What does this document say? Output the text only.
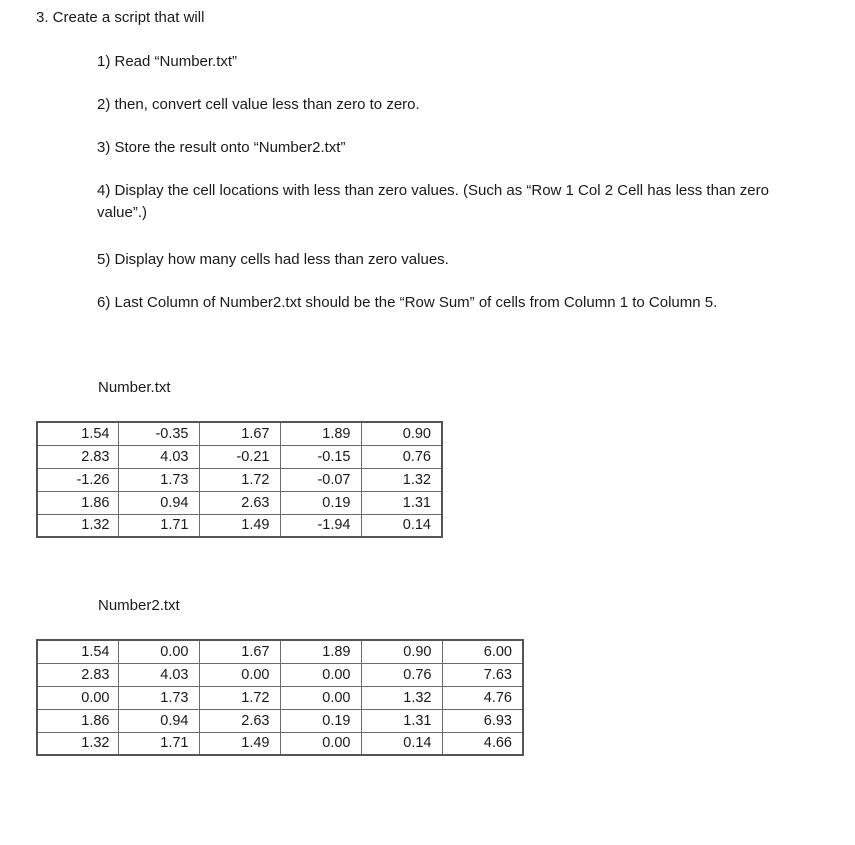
3. Create a script that will
1) Read “Number.txt”
2) then, convert cell value less than zero to zero.
3) Store the result onto “Number2.txt”
4) Display the cell locations with less than zero values. (Such as “Row 1 Col 2 Cell has less than zero value”.)
5) Display how many cells had less than zero values.
6) Last Column of Number2.txt should be the “Row Sum” of cells from Column 1 to Column 5.
Number.txt
1.54	-0.35	1.67	1.89	0.90
2.83	4.03	-0.21	-0.15	0.76
-1.26	1.73	1.72	-0.07	1.32
1.86	0.94	2.63	0.19	1.31
1.32	1.71	1.49	-1.94	0.14
Number2.txt
1.54	0.00	1.67	1.89	0.90	6.00
2.83	4.03	0.00	0.00	0.76	7.63
0.00	1.73	1.72	0.00	1.32	4.76
1.86	0.94	2.63	0.19	1.31	6.93
1.32	1.71	1.49	0.00	0.14	4.66
